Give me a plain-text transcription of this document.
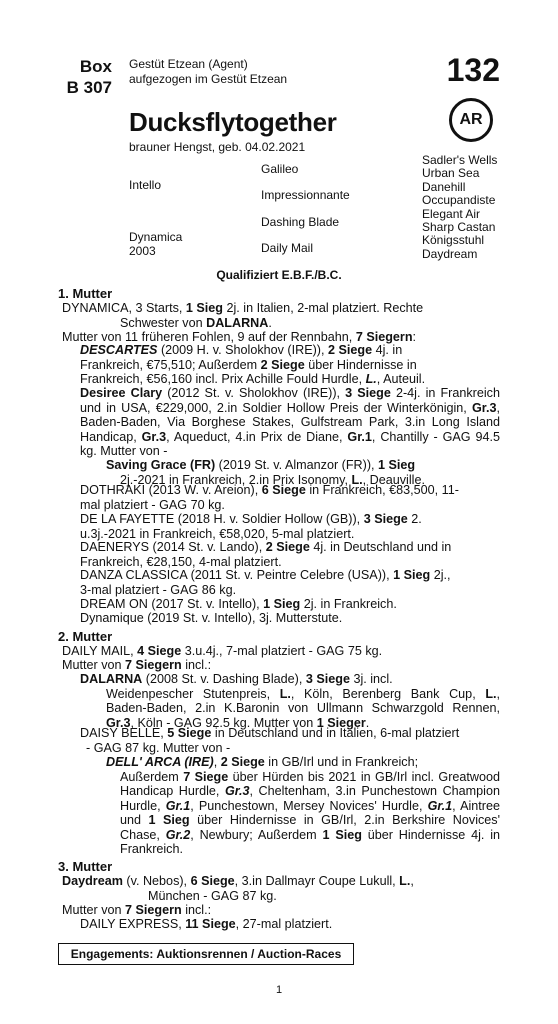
Box
B 307
Gestüt Etzean (Agent)
aufgezogen im Gestüt Etzean	132
Ducksflytogether
brauner Hengst, geb. 04.02.2021
AR
Intello
Dynamica
2003
Galileo
Impressionnante
Dashing Blade
Daily Mail
Sadler's Wells
Urban Sea
Danehill
Occupandiste
Elegant Air
Sharp Castan
Königsstuhl
Daydream
Qualifiziert E.B.F./B.C.
1. Mutter
DYNAMICA, 3 Starts, 1 Sieg 2j. in Italien, 2-mal platziert. Rechte
Schwester von DALARNA.
Mutter von 11 früheren Fohlen, 9 auf der Rennbahn, 7 Siegern:
DESCARTES (2009 H. v. Sholokhov (IRE)), 2 Siege 4j. in
Frankreich, €75,510; Außerdem 2 Siege über Hindernisse in
Frankreich, €56,160 incl. Prix Achille Fould Hurdle, L., Auteuil.
Desiree Clary (2012 St. v. Sholokhov (IRE)), 3 Siege 2-4j. in Frankreich und in USA, €229,000, 2.in Soldier Hollow Preis der Winterkönigin, Gr.3, Baden-Baden, Via Borghese Stakes, Gulfstream Park, 3.in Long Island Handicap, Gr.3, Aqueduct, 4.in Prix de Diane, Gr.1, Chantilly - GAG 94.5 kg. Mutter von -
Saving Grace (FR) (2019 St. v. Almanzor (FR)), 1 Sieg
2j.-2021 in Frankreich, 2.in Prix Isonomy, L., Deauville.
DOTHRAKI (2013 W. v. Areion), 6 Siege in Frankreich, €83,500, 11-
mal platziert - GAG 70 kg.
DE LA FAYETTE (2018 H. v. Soldier Hollow (GB)), 3 Siege 2.
u.3j.-2021 in Frankreich, €58,020, 5-mal platziert.
DAENERYS (2014 St. v. Lando), 2 Siege 4j. in Deutschland und in
Frankreich, €28,150, 4-mal platziert.
DANZA CLASSICA (2011 St. v. Peintre Celebre (USA)), 1 Sieg 2j.,
3-mal platziert - GAG 86 kg.
DREAM ON (2017 St. v. Intello), 1 Sieg 2j. in Frankreich.
Dynamique (2019 St. v. Intello), 3j. Mutterstute.
2. Mutter
DAILY MAIL, 4 Siege 3.u.4j., 7-mal platziert - GAG 75 kg.
Mutter von 7 Siegern incl.:
DALARNA (2008 St. v. Dashing Blade), 3 Siege 3j. incl.

Weidenpescher Stutenpreis, L., Köln, Berenberg Bank Cup, L., Baden-Baden, 2.in K.Baronin von Ullmann Schwarzgold Rennen, Gr.3, Köln - GAG 92.5 kg. Mutter von 1 Sieger.
DAISY BELLE, 5 Siege in Deutschland und in Italien, 6-mal platziert
- GAG 87 kg. Mutter von -
DELL' ARCA (IRE), 2 Siege in GB/Irl und in Frankreich;

Außerdem 7 Siege über Hürden bis 2021 in GB/Irl incl. Greatwood Handicap Hurdle, Gr.3, Cheltenham, 3.in Punchestown Champion Hurdle, Gr.1, Punchestown, Mersey Novices' Hurdle, Gr.1, Aintree und 1 Sieg über Hindernisse in GB/Irl, 2.in Berkshire Novices' Chase, Gr.2, Newbury; Außerdem 1 Sieg über Hindernisse 4j. in Frankreich.
3. Mutter
Daydream (v. Nebos), 6 Siege, 3.in Dallmayr Coupe Lukull, L.,
München - GAG 87 kg.
Mutter von 7 Siegern incl.:
DAILY EXPRESS, 11 Siege, 27-mal platziert.
Engagements: Auktionsrennen / Auction-Races
1
